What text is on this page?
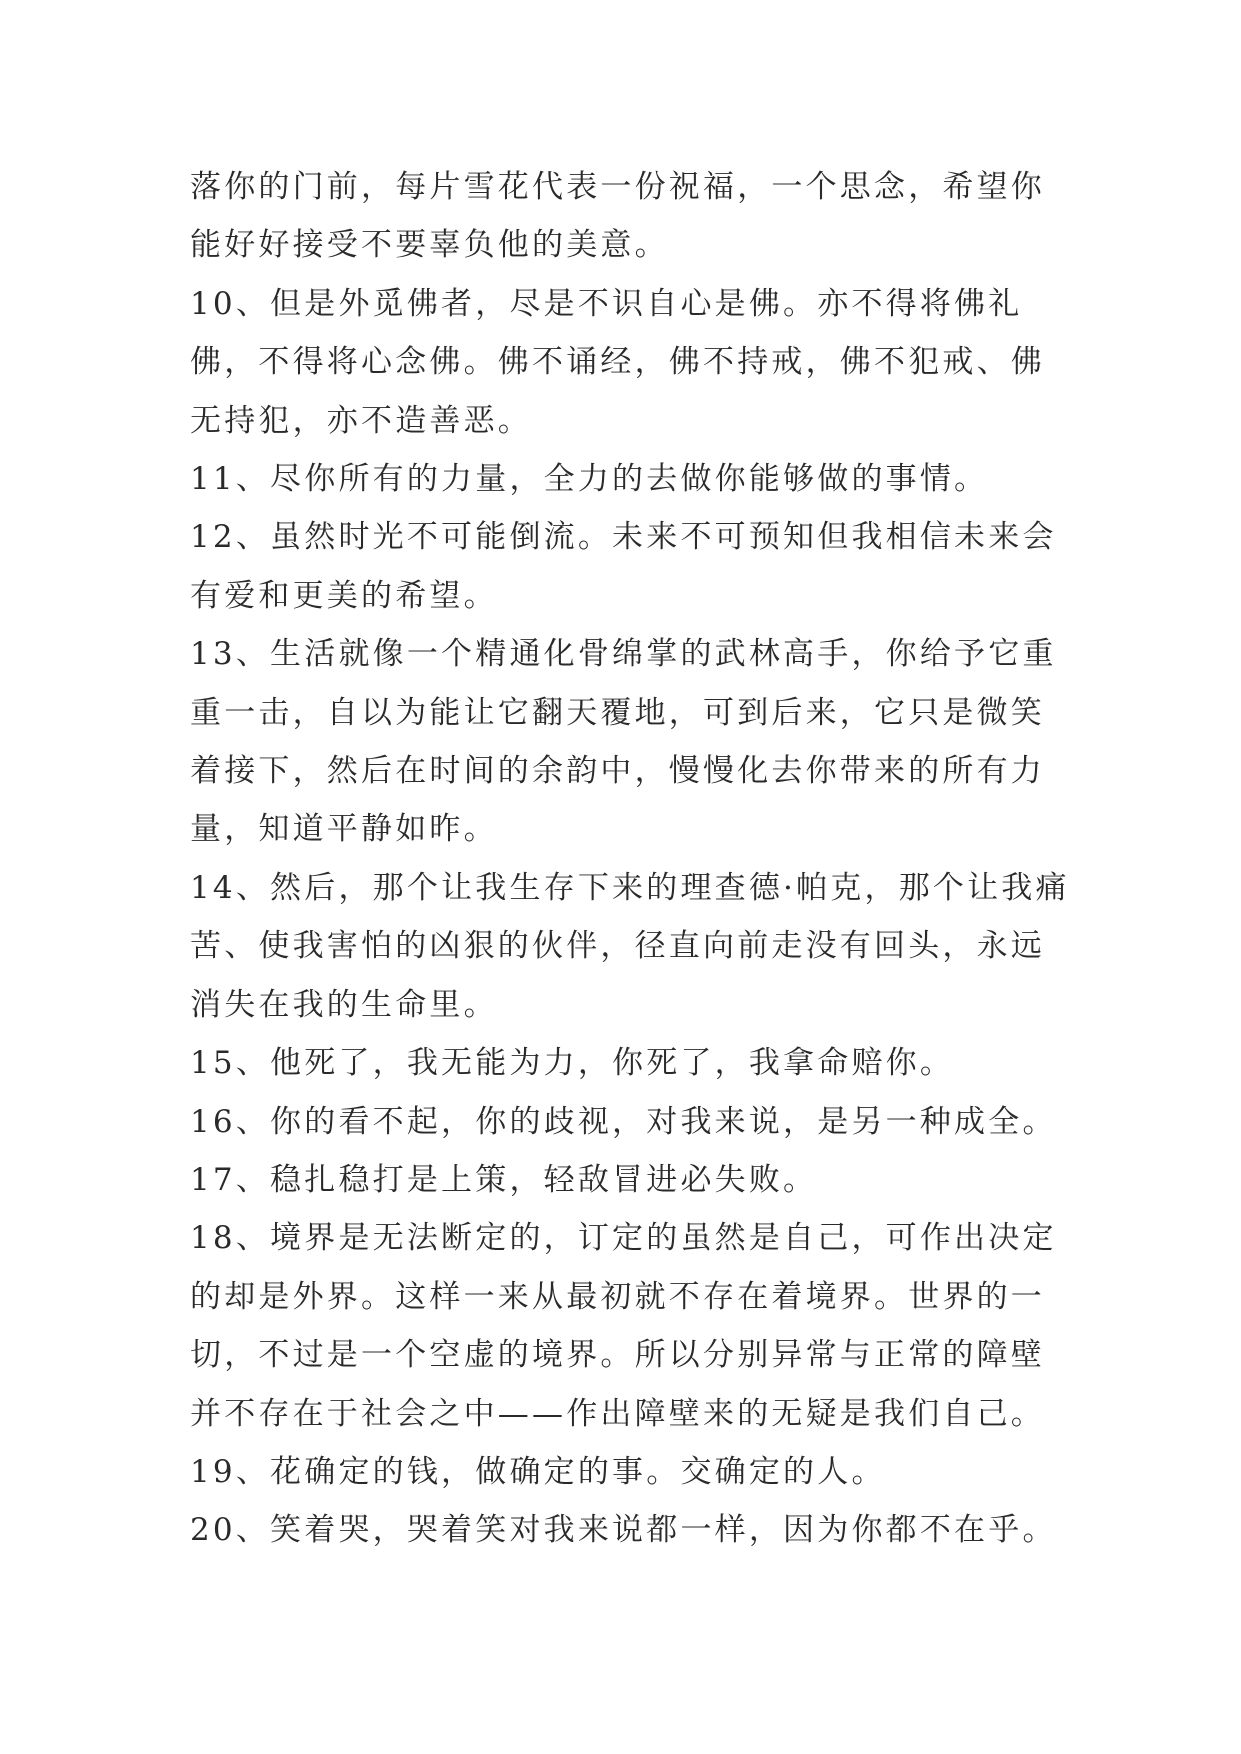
落你的门前，每片雪花代表一份祝福，一个思念，希望你能好好接受不要辜负他的美意。

10、但是外觅佛者，尽是不识自心是佛。亦不得将佛礼佛，不得将心念佛。佛不诵经，佛不持戒，佛不犯戒、佛无持犯，亦不造善恶。

11、尽你所有的力量，全力的去做你能够做的事情。

12、虽然时光不可能倒流。未来不可预知但我相信未来会有爱和更美的希望。

13、生活就像一个精通化骨绵掌的武林高手，你给予它重重一击，自以为能让它翻天覆地，可到后来，它只是微笑着接下，然后在时间的余韵中，慢慢化去你带来的所有力量，知道平静如昨。

14、然后，那个让我生存下来的理查德·帕克，那个让我痛苦、使我害怕的凶狠的伙伴，径直向前走没有回头，永远消失在我的生命里。

15、他死了，我无能为力，你死了，我拿命赔你。

16、你的看不起，你的歧视，对我来说，是另一种成全。

17、稳扎稳打是上策，轻敌冒进必失败。

18、境界是无法断定的，订定的虽然是自己，可作出决定的却是外界。这样一来从最初就不存在着境界。世界的一切，不过是一个空虚的境界。所以分别异常与正常的障壁并不存在于社会之中——作出障壁来的无疑是我们自己。

19、花确定的钱，做确定的事。交确定的人。

20、笑着哭，哭着笑对我来说都一样，因为你都不在乎。
